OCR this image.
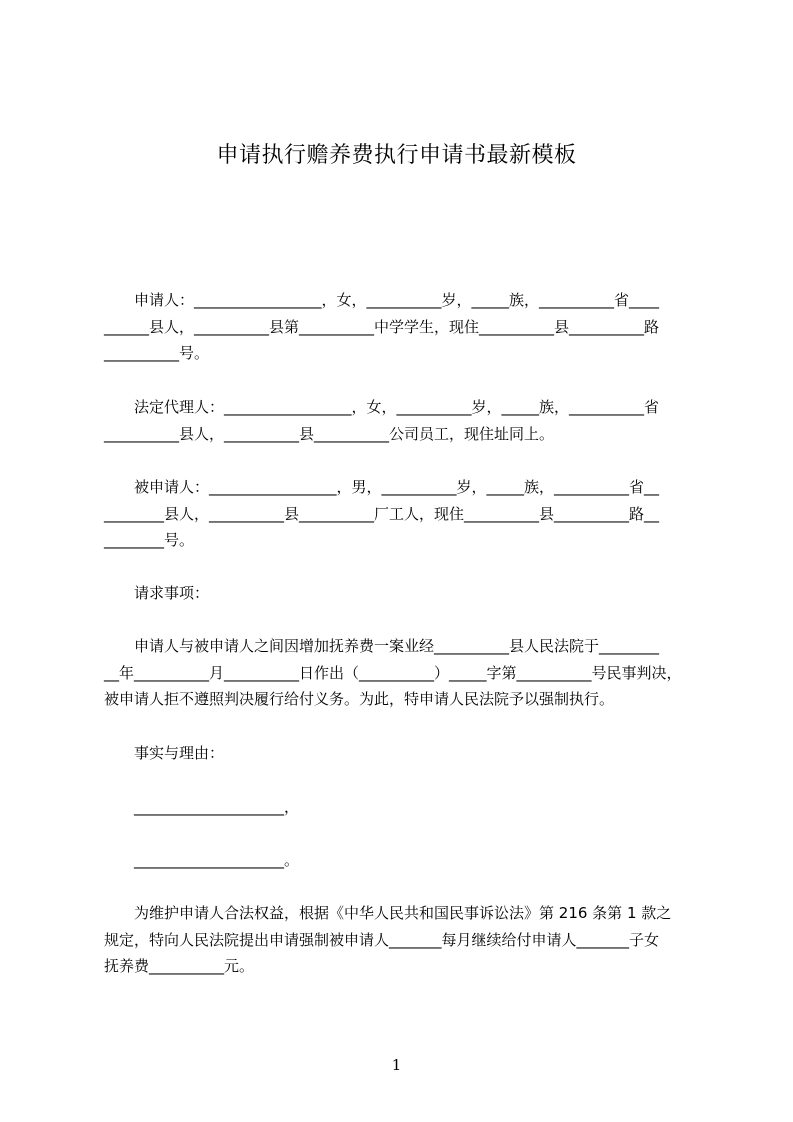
申请执行赡养费执行申请书最新模板

　　申请人：_________________，女，__________岁，_____族，__________省____
______县人，__________县第__________中学学生，现住__________县__________路
__________号。

　　法定代理人：_________________，女，__________岁，_____族，__________省
__________县人，__________县__________公司员工，现住址同上。

　　被申请人：_________________，男，__________岁，_____族，__________省__
________县人，__________县__________厂工人，现住__________县__________路__
________号。

　　请求事项：

　　申请人与被申请人之间因增加抚养费一案业经__________县人民法院于________
__年__________月__________日作出（__________）_____字第__________号民事判决，
被申请人拒不遵照判决履行给付义务。为此，特申请人民法院予以强制执行。

　　事实与理由：

　　____________________，

　　____________________。

　　为维护申请人合法权益，根据《中华人民共和国民事诉讼法》第 216 条第 1 款之
规定，特向人民法院提出申请强制被申请人_______每月继续给付申请人_______子女
抚养费__________元。

1
